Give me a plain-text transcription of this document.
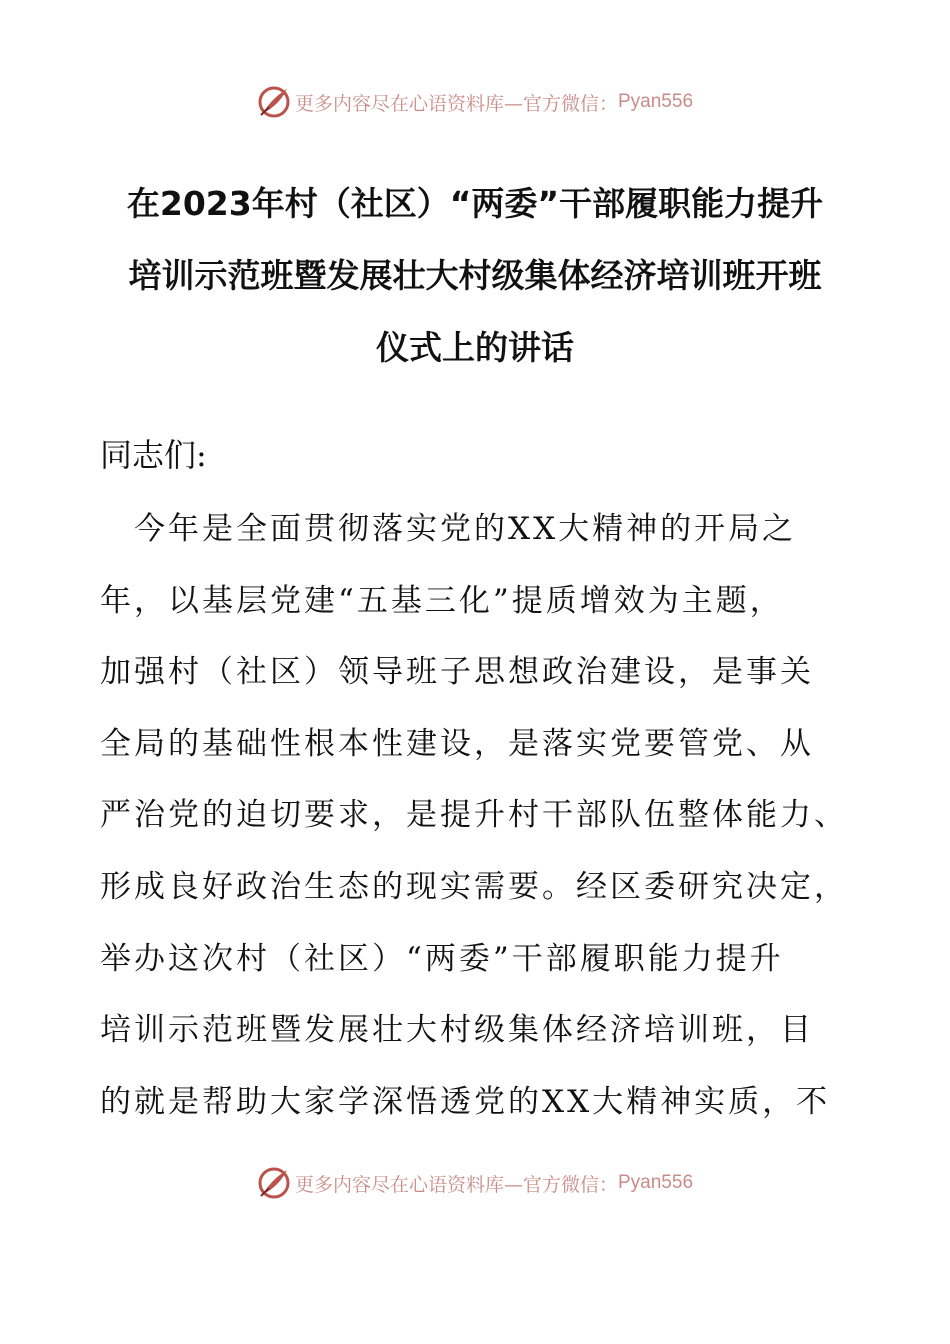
更多内容尽在心语资料库—官方微信： Pyan556
在2023年村（社区）“两委”干部履职能力提升
培训示范班暨发展壮大村级集体经济培训班开班
仪式上的讲话
同志们:
　今年是全面贯彻落实党的XX大精神的开局之
年，以基层党建“五基三化”提质增效为主题，
加强村（社区）领导班子思想政治建设，是事关
全局的基础性根本性建设，是落实党要管党、从
严治党的迫切要求，是提升村干部队伍整体能力、
形成良好政治生态的现实需要。经区委研究决定，
举办这次村（社区）“两委”干部履职能力提升
培训示范班暨发展壮大村级集体经济培训班，目
的就是帮助大家学深悟透党的XX大精神实质，不
更多内容尽在心语资料库—官方微信： Pyan556
